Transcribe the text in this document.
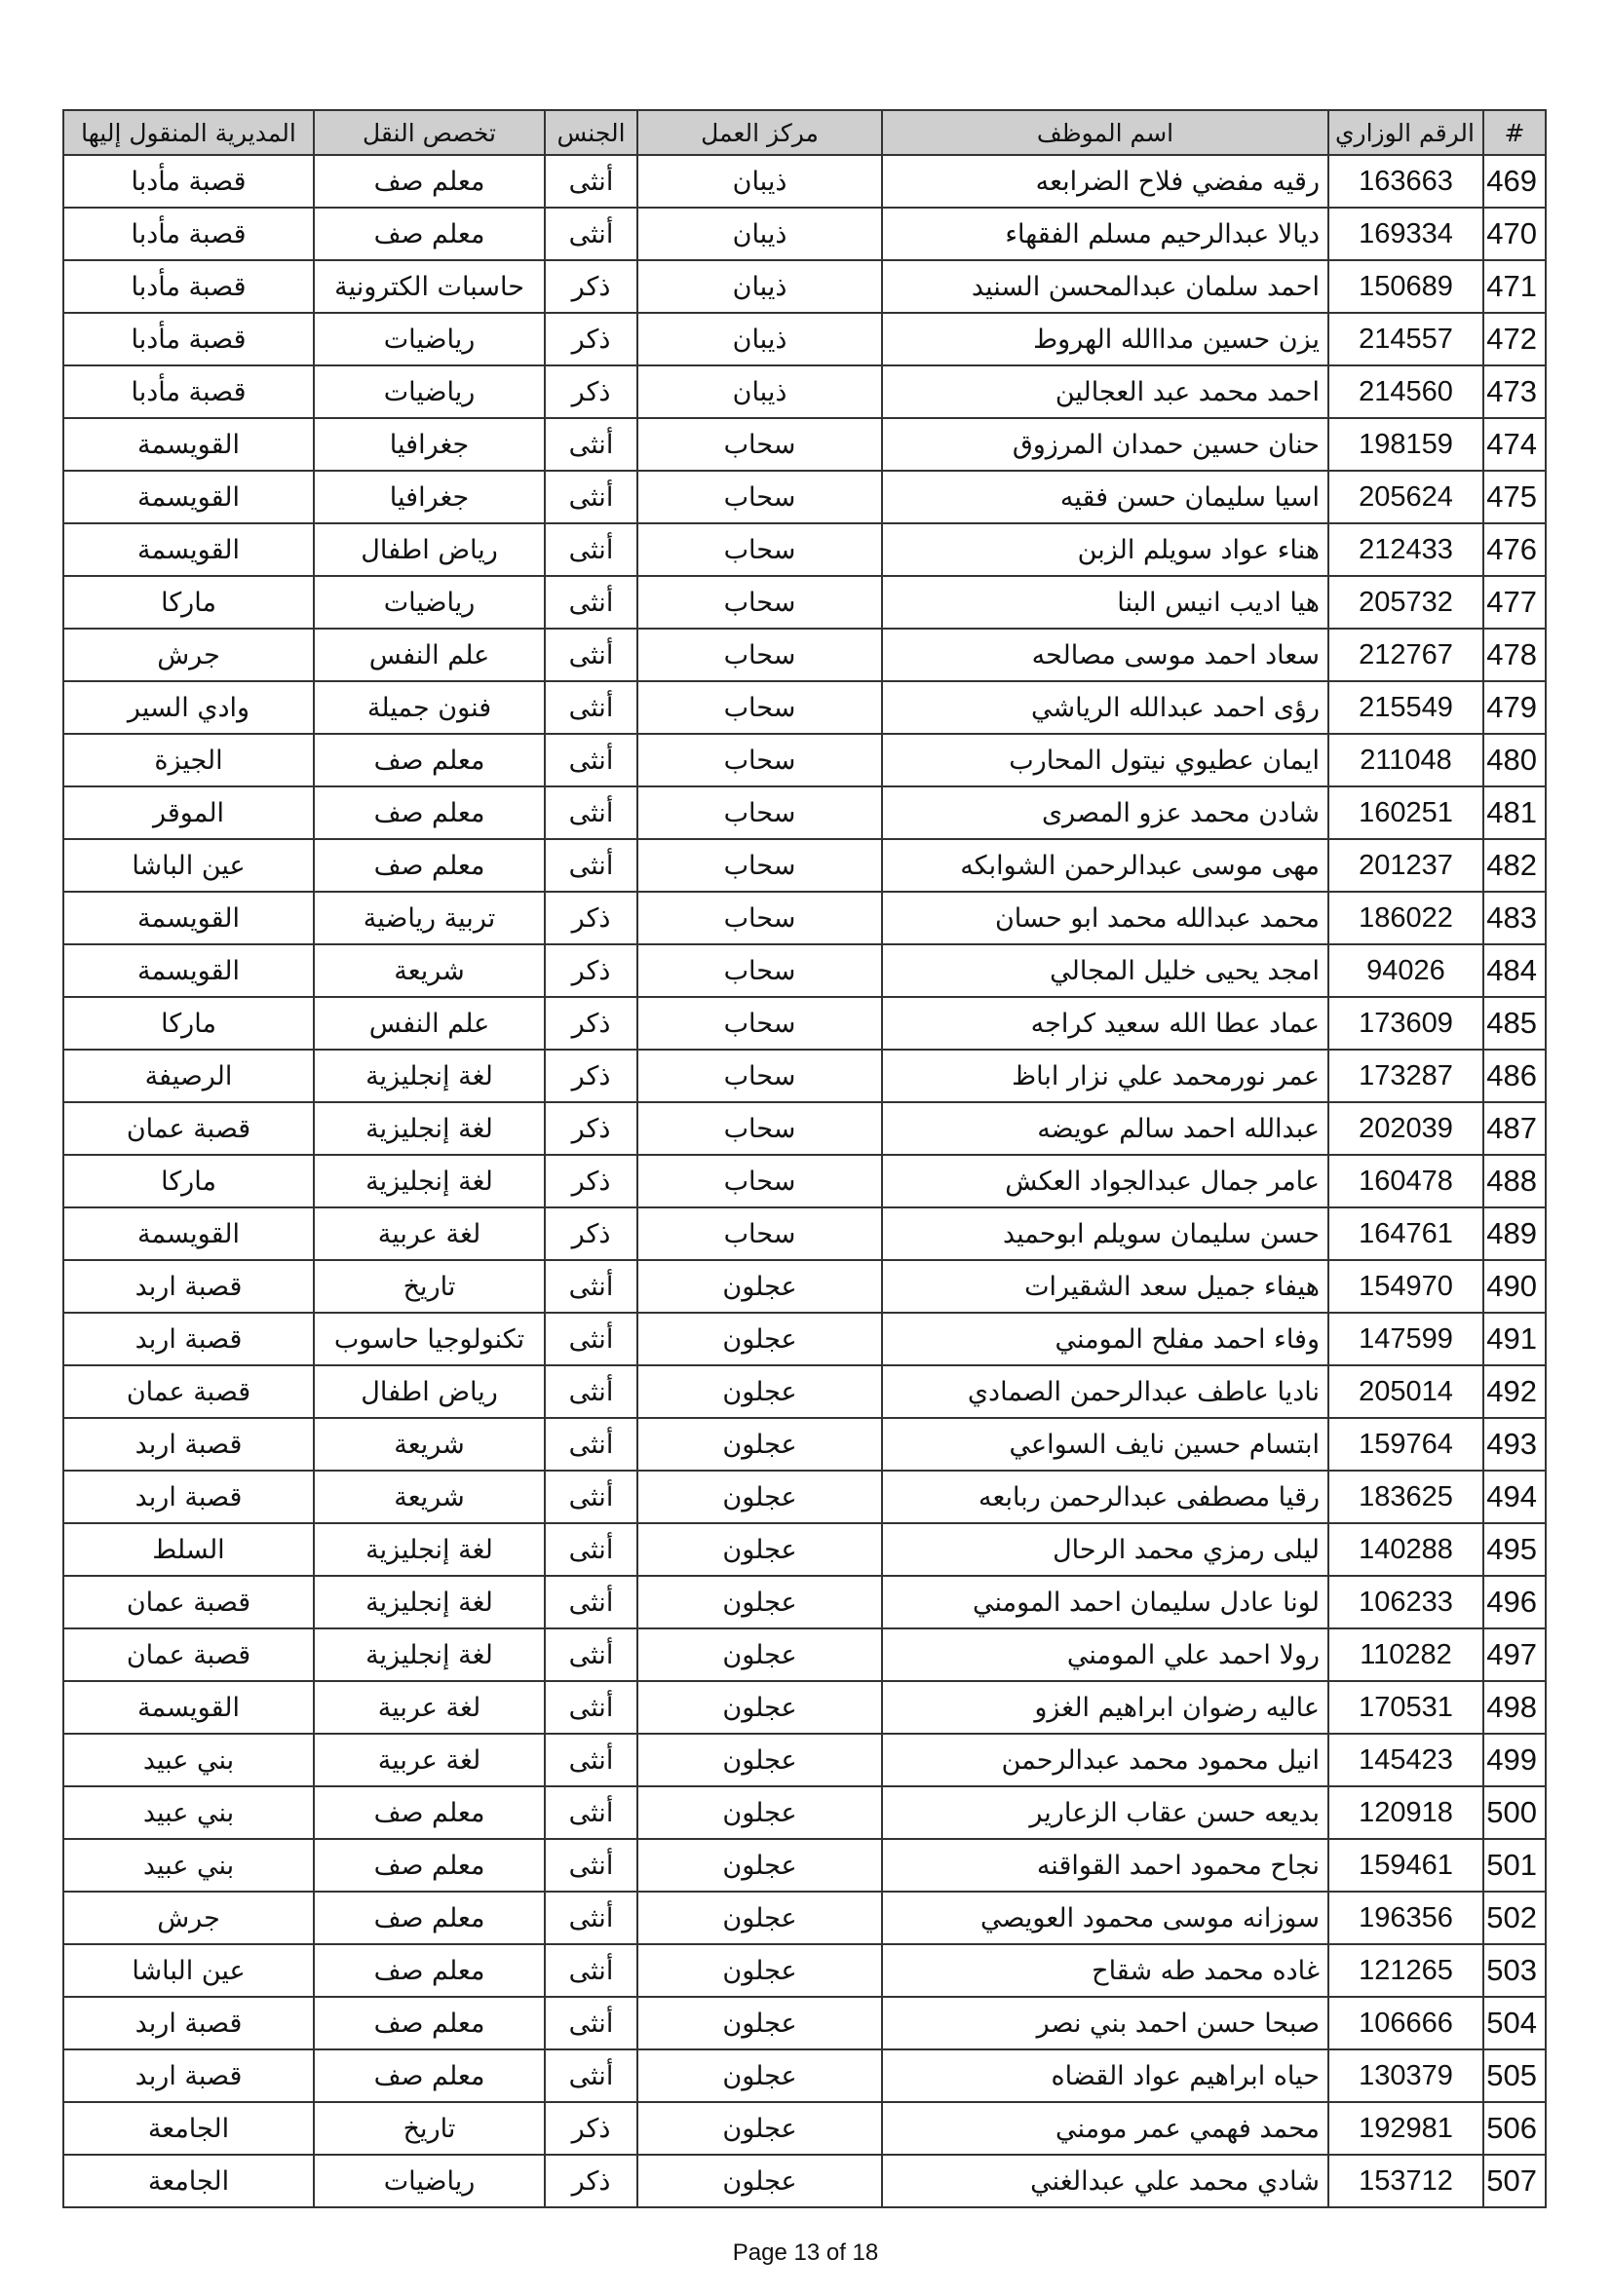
#	الرقم الوزاري	اسم الموظف	مركز العمل	الجنس	تخصص النقل	المديرية المنقول إليها
469	163663	رقيه مفضي فلاح الضرابعه	ذيبان	أنثى	معلم صف	قصبة مأدبا
470	169334	ديالا عبدالرحيم مسلم الفقهاء	ذيبان	أنثى	معلم صف	قصبة مأدبا
471	150689	احمد سلمان عبدالمحسن السنيد	ذيبان	ذكر	حاسبات الكترونية	قصبة مأدبا
472	214557	يزن حسين مداالله الهروط	ذيبان	ذكر	رياضيات	قصبة مأدبا
473	214560	احمد محمد عبد العجالين	ذيبان	ذكر	رياضيات	قصبة مأدبا
474	198159	حنان حسين حمدان المرزوق	سحاب	أنثى	جغرافيا	القويسمة
475	205624	اسيا سليمان حسن فقيه	سحاب	أنثى	جغرافيا	القويسمة
476	212433	هناء عواد سويلم الزبن	سحاب	أنثى	رياض اطفال	القويسمة
477	205732	هيا اديب انيس البنا	سحاب	أنثى	رياضيات	ماركا
478	212767	سعاد احمد موسى مصالحه	سحاب	أنثى	علم النفس	جرش
479	215549	رؤى احمد عبدالله الرياشي	سحاب	أنثى	فنون جميلة	وادي السير
480	211048	ايمان عطيوي نيتول المحارب	سحاب	أنثى	معلم صف	الجيزة
481	160251	شادن محمد عزو المصرى	سحاب	أنثى	معلم صف	الموقر
482	201237	مهى موسى عبدالرحمن الشوابكه	سحاب	أنثى	معلم صف	عين الباشا
483	186022	محمد عبدالله محمد ابو حسان	سحاب	ذكر	تربية رياضية	القويسمة
484	94026	امجد يحيى خليل المجالي	سحاب	ذكر	شريعة	القويسمة
485	173609	عماد عطا الله سعيد كراجه	سحاب	ذكر	علم النفس	ماركا
486	173287	عمر نورمحمد علي نزار اباظ	سحاب	ذكر	لغة إنجليزية	الرصيفة
487	202039	عبدالله احمد سالم عويضه	سحاب	ذكر	لغة إنجليزية	قصبة عمان
488	160478	عامر جمال عبدالجواد العكش	سحاب	ذكر	لغة إنجليزية	ماركا
489	164761	حسن سليمان سويلم ابوحميد	سحاب	ذكر	لغة عربية	القويسمة
490	154970	هيفاء جميل سعد الشقيرات	عجلون	أنثى	تاريخ	قصبة اربد
491	147599	وفاء احمد مفلح المومني	عجلون	أنثى	تكنولوجيا حاسوب	قصبة اربد
492	205014	ناديا عاطف عبدالرحمن الصمادي	عجلون	أنثى	رياض اطفال	قصبة عمان
493	159764	ابتسام حسين نايف السواعي	عجلون	أنثى	شريعة	قصبة اربد
494	183625	رقيا مصطفى عبدالرحمن ربابعه	عجلون	أنثى	شريعة	قصبة اربد
495	140288	ليلى رمزي محمد الرحال	عجلون	أنثى	لغة إنجليزية	السلط
496	106233	لونا عادل سليمان احمد المومني	عجلون	أنثى	لغة إنجليزية	قصبة عمان
497	110282	رولا احمد علي المومني	عجلون	أنثى	لغة إنجليزية	قصبة عمان
498	170531	عاليه رضوان ابراهيم الغزو	عجلون	أنثى	لغة عربية	القويسمة
499	145423	انيل محمود محمد عبدالرحمن	عجلون	أنثى	لغة عربية	بني عبيد
500	120918	بديعه حسن عقاب الزعارير	عجلون	أنثى	معلم صف	بني عبيد
501	159461	نجاح محمود احمد القواقنه	عجلون	أنثى	معلم صف	بني عبيد
502	196356	سوزانه موسى محمود العويصي	عجلون	أنثى	معلم صف	جرش
503	121265	غاده محمد طه شقاح	عجلون	أنثى	معلم صف	عين الباشا
504	106666	صبحا حسن احمد بني نصر	عجلون	أنثى	معلم صف	قصبة اربد
505	130379	حياه ابراهيم عواد القضاه	عجلون	أنثى	معلم صف	قصبة اربد
506	192981	محمد فهمي عمر مومني	عجلون	ذكر	تاريخ	الجامعة
507	153712	شادي محمد علي عبدالغني	عجلون	ذكر	رياضيات	الجامعة
Page 13 of 18
